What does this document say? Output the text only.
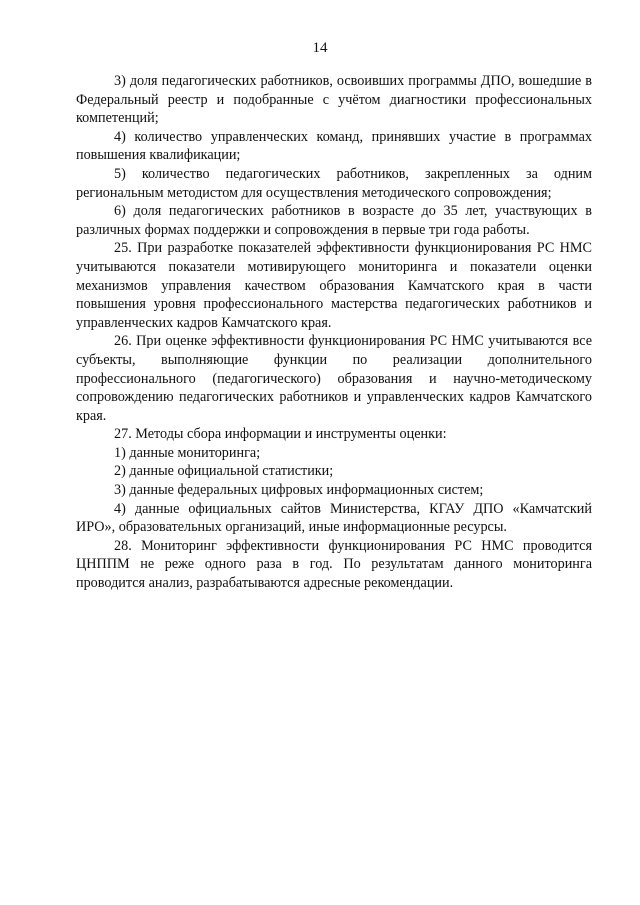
14

3) доля педагогических работников, освоивших программы ДПО, вошедшие в Федеральный реестр и подобранные с учётом диагностики профессиональных компетенций;

4) количество управленческих команд, принявших участие в программах повышения квалификации;

5) количество педагогических работников, закрепленных за одним региональным методистом для осуществления методического сопровождения;

6) доля педагогических работников в возрасте до 35 лет, участвующих в различных формах поддержки и сопровождения в первые три года работы.

25. При разработке показателей эффективности функционирования РС НМС учитываются показатели мотивирующего мониторинга и показатели оценки механизмов управления качеством образования Камчатского края в части повышения уровня профессионального мастерства педагогических работников и управленческих кадров Камчатского края.

26. При оценке эффективности функционирования РС НМС учитываются все субъекты, выполняющие функции по реализации дополнительного профессионального (педагогического) образования и научно-методическому сопровождению педагогических работников и управленческих кадров Камчатского края.

27. Методы сбора информации и инструменты оценки:

1) данные мониторинга;

2) данные официальной статистики;

3) данные федеральных цифровых информационных систем;

4) данные официальных сайтов Министерства, КГАУ ДПО «Камчатский ИРО», образовательных организаций, иные информационные ресурсы.

28. Мониторинг эффективности функционирования РС НМС проводится ЦНППМ не реже одного раза в год. По результатам данного мониторинга проводится анализ, разрабатываются адресные рекомендации.
